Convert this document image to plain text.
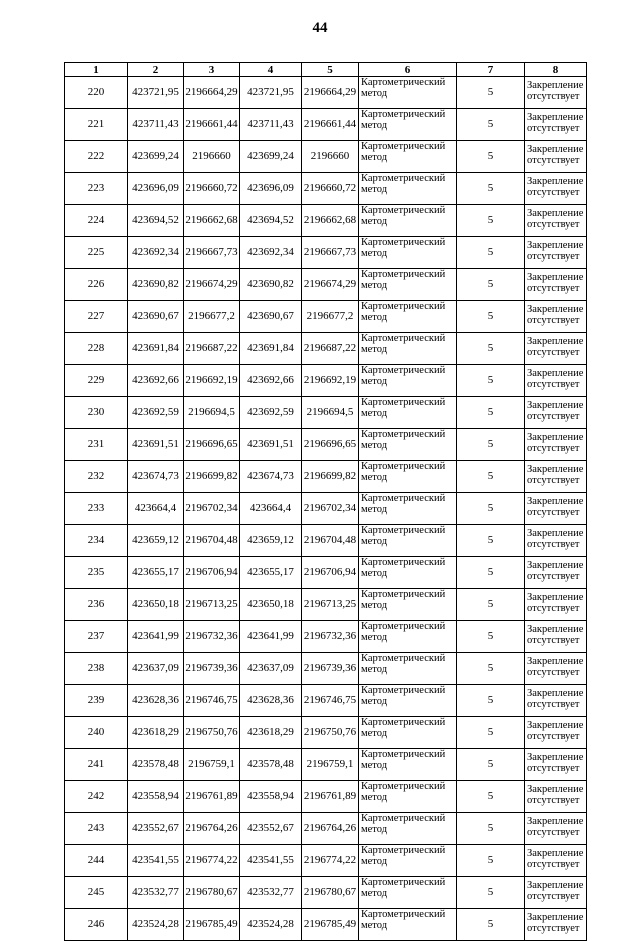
44
1	2	3	4	5	6	7	8
220	423721,95	2196664,29	423721,95	2196664,29	Картометрический метод	5	Закрепление отсутствует
221	423711,43	2196661,44	423711,43	2196661,44	Картометрический метод	5	Закрепление отсутствует
222	423699,24	2196660	423699,24	2196660	Картометрический метод	5	Закрепление отсутствует
223	423696,09	2196660,72	423696,09	2196660,72	Картометрический метод	5	Закрепление отсутствует
224	423694,52	2196662,68	423694,52	2196662,68	Картометрический метод	5	Закрепление отсутствует
225	423692,34	2196667,73	423692,34	2196667,73	Картометрический метод	5	Закрепление отсутствует
226	423690,82	2196674,29	423690,82	2196674,29	Картометрический метод	5	Закрепление отсутствует
227	423690,67	2196677,2	423690,67	2196677,2	Картометрический метод	5	Закрепление отсутствует
228	423691,84	2196687,22	423691,84	2196687,22	Картометрический метод	5	Закрепление отсутствует
229	423692,66	2196692,19	423692,66	2196692,19	Картометрический метод	5	Закрепление отсутствует
230	423692,59	2196694,5	423692,59	2196694,5	Картометрический метод	5	Закрепление отсутствует
231	423691,51	2196696,65	423691,51	2196696,65	Картометрический метод	5	Закрепление отсутствует
232	423674,73	2196699,82	423674,73	2196699,82	Картометрический метод	5	Закрепление отсутствует
233	423664,4	2196702,34	423664,4	2196702,34	Картометрический метод	5	Закрепление отсутствует
234	423659,12	2196704,48	423659,12	2196704,48	Картометрический метод	5	Закрепление отсутствует
235	423655,17	2196706,94	423655,17	2196706,94	Картометрический метод	5	Закрепление отсутствует
236	423650,18	2196713,25	423650,18	2196713,25	Картометрический метод	5	Закрепление отсутствует
237	423641,99	2196732,36	423641,99	2196732,36	Картометрический метод	5	Закрепление отсутствует
238	423637,09	2196739,36	423637,09	2196739,36	Картометрический метод	5	Закрепление отсутствует
239	423628,36	2196746,75	423628,36	2196746,75	Картометрический метод	5	Закрепление отсутствует
240	423618,29	2196750,76	423618,29	2196750,76	Картометрический метод	5	Закрепление отсутствует
241	423578,48	2196759,1	423578,48	2196759,1	Картометрический метод	5	Закрепление отсутствует
242	423558,94	2196761,89	423558,94	2196761,89	Картометрический метод	5	Закрепление отсутствует
243	423552,67	2196764,26	423552,67	2196764,26	Картометрический метод	5	Закрепление отсутствует
244	423541,55	2196774,22	423541,55	2196774,22	Картометрический метод	5	Закрепление отсутствует
245	423532,77	2196780,67	423532,77	2196780,67	Картометрический метод	5	Закрепление отсутствует
246	423524,28	2196785,49	423524,28	2196785,49	Картометрический метод	5	Закрепление отсутствует
